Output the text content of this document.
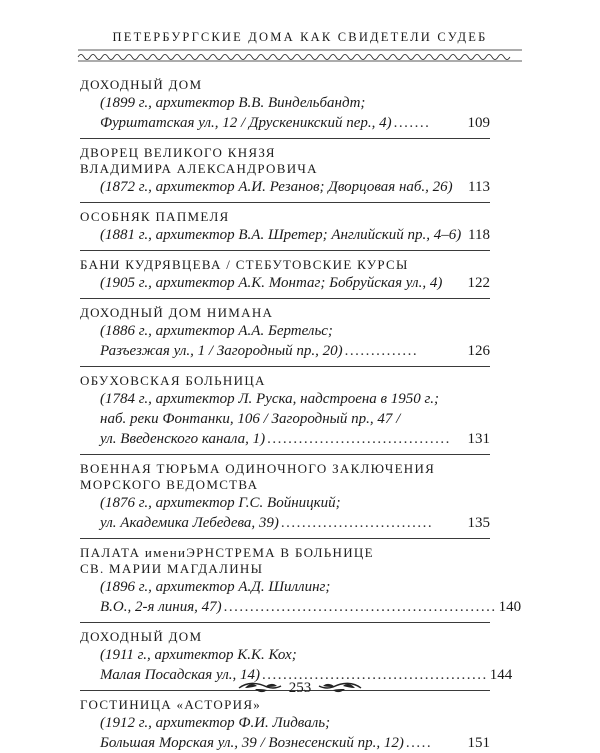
ПЕТЕРБУРГСКИЕ ДОМА КАК СВИДЕТЕЛИ СУДЕБ
ДОХОДНЫЙ ДОМ
(1899 г., архитектор В.В. Виндельбандт;
Фурштатская ул., 12 / Друскеникский пер., 4) .......	109
ДВОРЕЦ ВЕЛИКОГО КНЯЗЯ
ВЛАДИМИРА АЛЕКСАНДРОВИЧА
(1872 г., архитектор А.И. Резанов; Дворцовая наб., 26) 113
ОСОБНЯК ПАПМЕЛЯ
(1881 г., архитектор В.А. Шретер; Английский пр., 4–6) 118
БАНИ КУДРЯВЦЕВА / СТЕБУТОВСКИЕ КУРСЫ
(1905 г., архитектор А.К. Монтаг; Бобруйская ул., 4) 122
ДОХОДНЫЙ ДОМ НИМАНА
(1886 г., архитектор А.А. Бертельс;
Разъезжая ул., 1 / Загородный пр., 20) ..............	126
ОБУХОВСКАЯ БОЛЬНИЦА
(1784 г., архитектор Л. Руска, надстроена в 1950 г.;
наб. реки Фонтанки, 106 / Загородный пр., 47 /
ул. Введенского канала, 1) ...................................	131
ВОЕННАЯ ТЮРЬМА ОДИНОЧНОГО ЗАКЛЮЧЕНИЯ
МОРСКОГО ВЕДОМСТВА
(1876 г., архитектор Г.С. Войницкий;
ул. Академика Лебедева, 39) .............................	135
ПАЛАТА имениЭРНСТРЕМА В БОЛЬНИЦЕ
СВ. МАРИИ МАГДАЛИНЫ
(1896 г., архитектор А.Д. Шиллинг;
В.О., 2-я линия, 47) .................................................... 140
ДОХОДНЫЙ ДОМ
(1911 г., архитектор К.К. Кох;
Малая Посадская ул., 14) ........................................... 144
ГОСТИНИЦА «АСТОРИЯ»
(1912 г., архитектор Ф.И. Лидваль;
Большая Морская ул., 39 / Вознесенский пр., 12) .....	151
253
